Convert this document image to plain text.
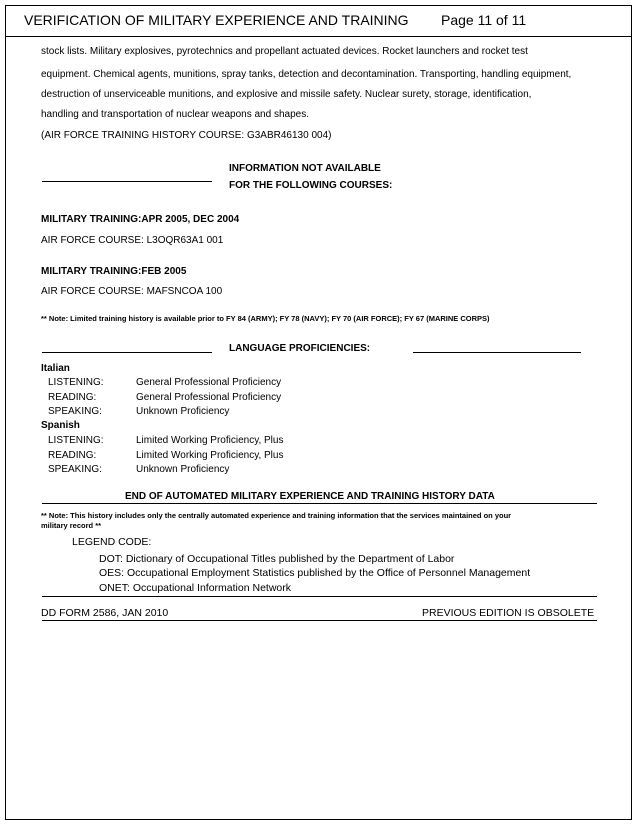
VERIFICATION OF MILITARY EXPERIENCE AND TRAINING Page 11 of 11
stock lists. Military explosives, pyrotechnics and propellant actuated devices. Rocket launchers and rocket test
equipment. Chemical agents, munitions, spray tanks, detection and decontamination. Transporting, handling equipment,
destruction of unserviceable munitions, and explosive and missile safety. Nuclear surety, storage, identification,
handling and transportation of nuclear weapons and shapes.
(AIR FORCE TRAINING HISTORY COURSE: G3ABR46130 004)
INFORMATION NOT AVAILABLE
FOR THE FOLLOWING COURSES:
MILITARY TRAINING:APR 2005, DEC 2004
AIR FORCE COURSE: L3OQR63A1 001
MILITARY TRAINING:FEB 2005
AIR FORCE COURSE: MAFSNCOA 100
** Note: Limited training history is available prior to FY 84 (ARMY); FY 78 (NAVY); FY 70 (AIR FORCE); FY 67 (MARINE CORPS)
LANGUAGE PROFICIENCIES:
Italian
LISTENING:	General Professional Proficiency
READING:	General Professional Proficiency
SPEAKING:	Unknown Proficiency
Spanish
LISTENING:	Limited Working Proficiency, Plus
READING:	Limited Working Proficiency, Plus
SPEAKING:	Unknown Proficiency
END OF AUTOMATED MILITARY EXPERIENCE AND TRAINING HISTORY DATA
** Note: This history includes only the centrally automated experience and training information that the services maintained on your
military record **
LEGEND CODE:
DOT: Dictionary of Occupational Titles published by the Department of Labor
OES: Occupational Employment Statistics published by the Office of Personnel Management
ONET: Occupational Information Network
DD FORM 2586, JAN 2010	PREVIOUS EDITION IS OBSOLETE
